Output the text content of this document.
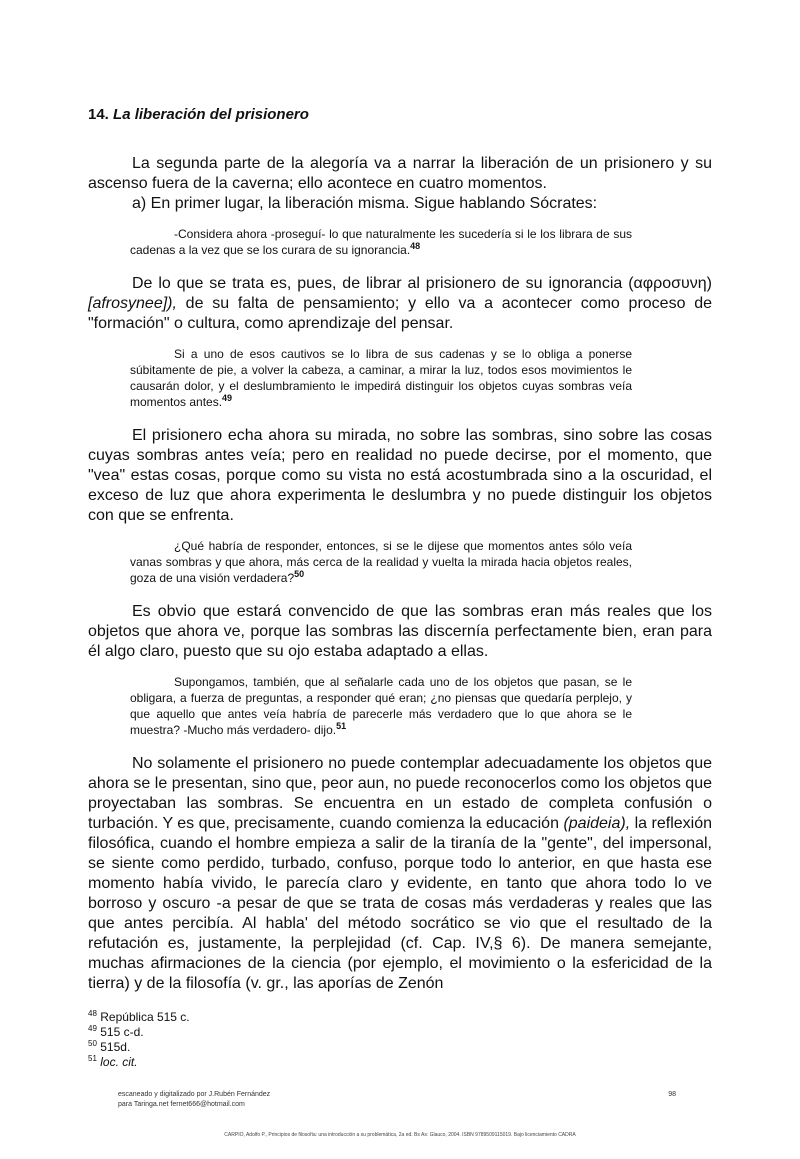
14. La liberación del prisionero

La segunda parte de la alegoría va a narrar la liberación de un prisionero y su ascenso fuera de la caverna; ello acontece en cuatro momentos.

a) En primer lugar, la liberación misma. Sigue hablando Sócrates:

-Considera ahora -proseguí- lo que naturalmente les sucedería si le los librara de sus cadenas a la vez que se los curara de su ignorancia.$^{48}$

De lo que se trata es, pues, de librar al prisionero de su ignorancia (αφροσυνη) [afrosynee]), de su falta de pensamiento; y ello va a acontecer como proceso de "formación" o cultura, como aprendizaje del pensar.

Si a uno de esos cautivos se lo libra de sus cadenas y se lo obliga a ponerse súbitamente de pie, a volver la cabeza, a caminar, a mirar la luz, todos esos movimientos le causarán dolor, y el deslumbramiento le impedirá distinguir los objetos cuyas sombras veía momentos antes.$^{49}$

El prisionero echa ahora su mirada, no sobre las sombras, sino sobre las cosas cuyas sombras antes veía; pero en realidad no puede decirse, por el momento, que "vea" estas cosas, porque como su vista no está acostumbrada sino a la oscuridad, el exceso de luz que ahora experimenta le deslumbra y no puede distinguir los objetos con que se enfrenta.

¿Qué habría de responder, entonces, si se le dijese que momentos antes sólo veía vanas sombras y que ahora, más cerca de la realidad y vuelta la mirada hacia objetos reales, goza de una visión verdadera?$^{50}$

Es obvio que estará convencido de que las sombras eran más reales que los objetos que ahora ve, porque las sombras las discernía perfectamente bien, eran para él algo claro, puesto que su ojo estaba adaptado a ellas.

Supongamos, también, que al señalarle cada uno de los objetos que pasan, se le obligara, a fuerza de preguntas, a responder qué eran; ¿no piensas que quedaría perplejo, y que aquello que antes veía habría de parecerle más verdadero que lo que ahora se le muestra? -Mucho más verdadero- dijo.$^{51}$

No solamente el prisionero no puede contemplar adecuadamente los objetos que ahora se le presentan, sino que, peor aun, no puede reconocerlos como los objetos que proyectaban las sombras. Se encuentra en un estado de completa confusión o turbación. Y es que, precisamente, cuando comienza la educación (paideia), la reflexión filosófica, cuando el hombre empieza a salir de la tiranía de la "gente", del impersonal, se siente como perdido, turbado, confuso, porque todo lo anterior, en que hasta ese momento había vivido, le parecía claro y evidente, en tanto que ahora todo lo ve borroso y oscuro -a pesar de que se trata de cosas más verdaderas y reales que las que antes percibía. Al habla' del método socrático se vio que el resultado de la refutación es, justamente, la perplejidad (cf. Cap. IV,§ 6). De manera semejante, muchas afirmaciones de la ciencia (por ejemplo, el movimiento o la esfericidad de la tierra) y de la filosofía (v. gr., las aporías de Zenón

$^{48}$ República 515 c.
$^{49}$ 515 c-d.
$^{50}$ 515d.
$^{51}$ loc. cit.
escaneado y digitalizado por J.Rubén Fernández
para Taringa.net fernet666@hotmail.com
98
CARPIO, Adolfo P., Principios de filosofía: una introducción a su problemática, 2a ed. Bs As: Glauco, 2004. ISBN 9789509115019. Bajo licenciamiento CADRA
